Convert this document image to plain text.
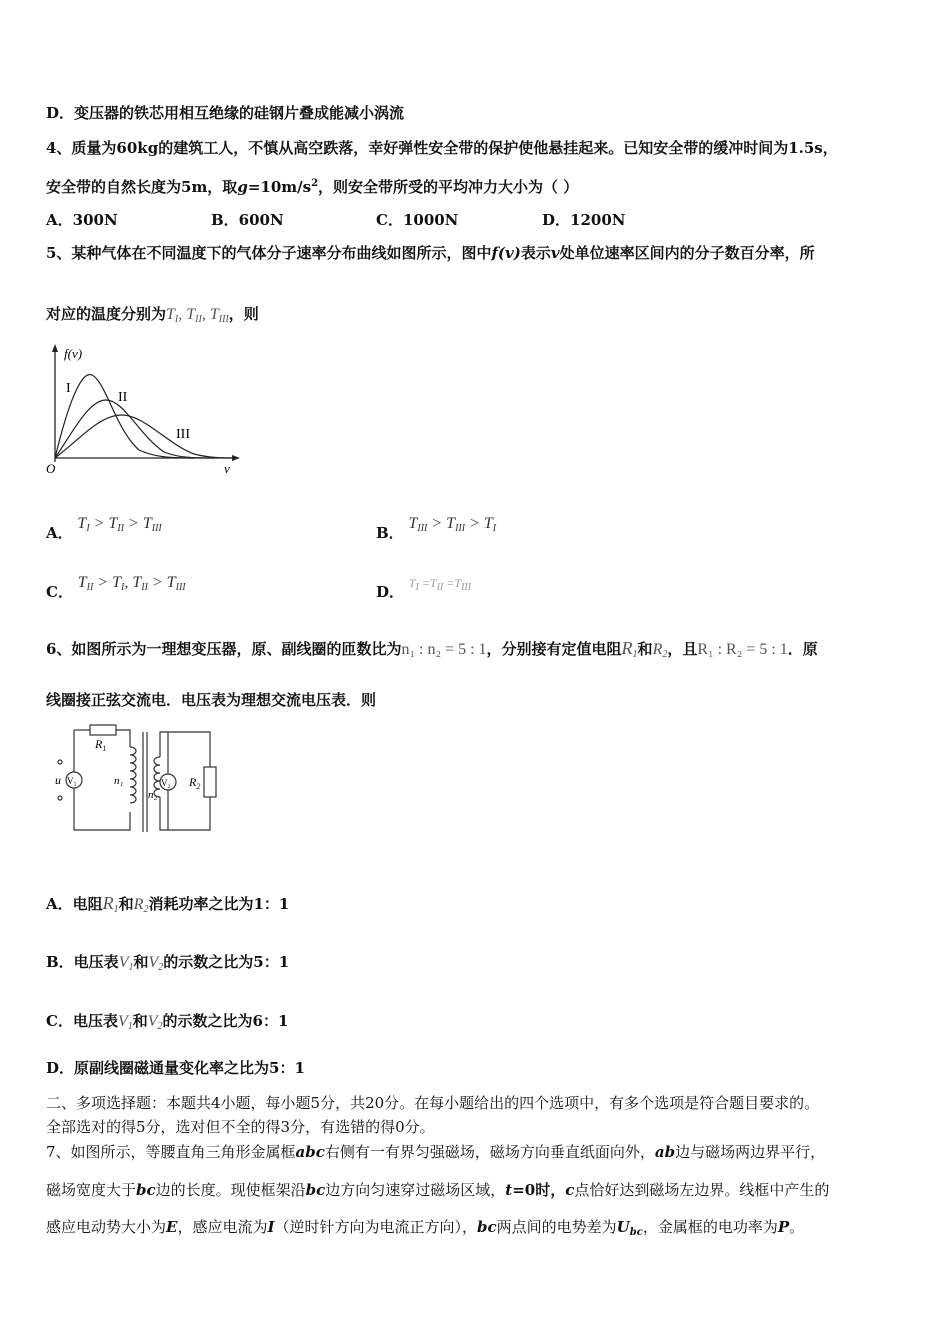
D．变压器的铁芯用相互绝缘的硅钢片叠成能减小涡流
4、质量为60kg的建筑工人，不慎从高空跌落，幸好弹性安全带的保护使他悬挂起来。已知安全带的缓冲时间为1.5s，
安全带的自然长度为5m，取$g=10m/s^2$，则安全带所受的平均冲力大小为（ ）
A．300N	B．600N	C．1000N	D．1200N
5、某种气体在不同温度下的气体分子速率分布曲线如图所示，图中f(v)表示v处单位速率区间内的分子数百分率，所
对应的温度分别为$T_I$, $T_{II}$, $T_{III}$，则
f(v)
v
O
I
II
III
A． $T_I > T_{II} > T_{III}$	B． $T_{III} > T_{III} > T_I$
C． $T_{II} > T_I$, $T_{II} > T_{III}$	D． $T_I =T_{II} =T_{III}$
6、如图所示为一理想变压器，原、副线圈的匝数比为n₁ : n₂ = 5 : 1，分别接有定值电阻$R_1$和$R_2$，且R₁ : R₂ = 5 : 1．原
线圈接正弦交流电．电压表为理想交流电压表．则
$R_1$
$R_2$
u V₁	V₂
n₁
n₂
A．电阻$R_1$和$R_2$消耗功率之比为1：1
B．电压表$V_1$和$V_2$的示数之比为5：1
C．电压表$V_1$和$V_2$的示数之比为6：1
D．原副线圈磁通量变化率之比为5：1
二、多项选择题：本题共4小题，每小题5分，共20分。在每小题给出的四个选项中，有多个选项是符合题目要求的。
全部选对的得5分，选对但不全的得3分，有选错的得0分。
7、如图所示，等腰直角三角形金属框abc右侧有一有界匀强磁场，磁场方向垂直纸面向外，ab边与磁场两边界平行，
磁场宽度大于bc边的长度。现使框架沿bc边方向匀速穿过磁场区域，t=0时，c点恰好达到磁场左边界。线框中产生的
感应电动势大小为E，感应电流为I（逆时针方向为电流正方向），bc两点间的电势差为$U_{bc}$，金属框的电功率为P。
